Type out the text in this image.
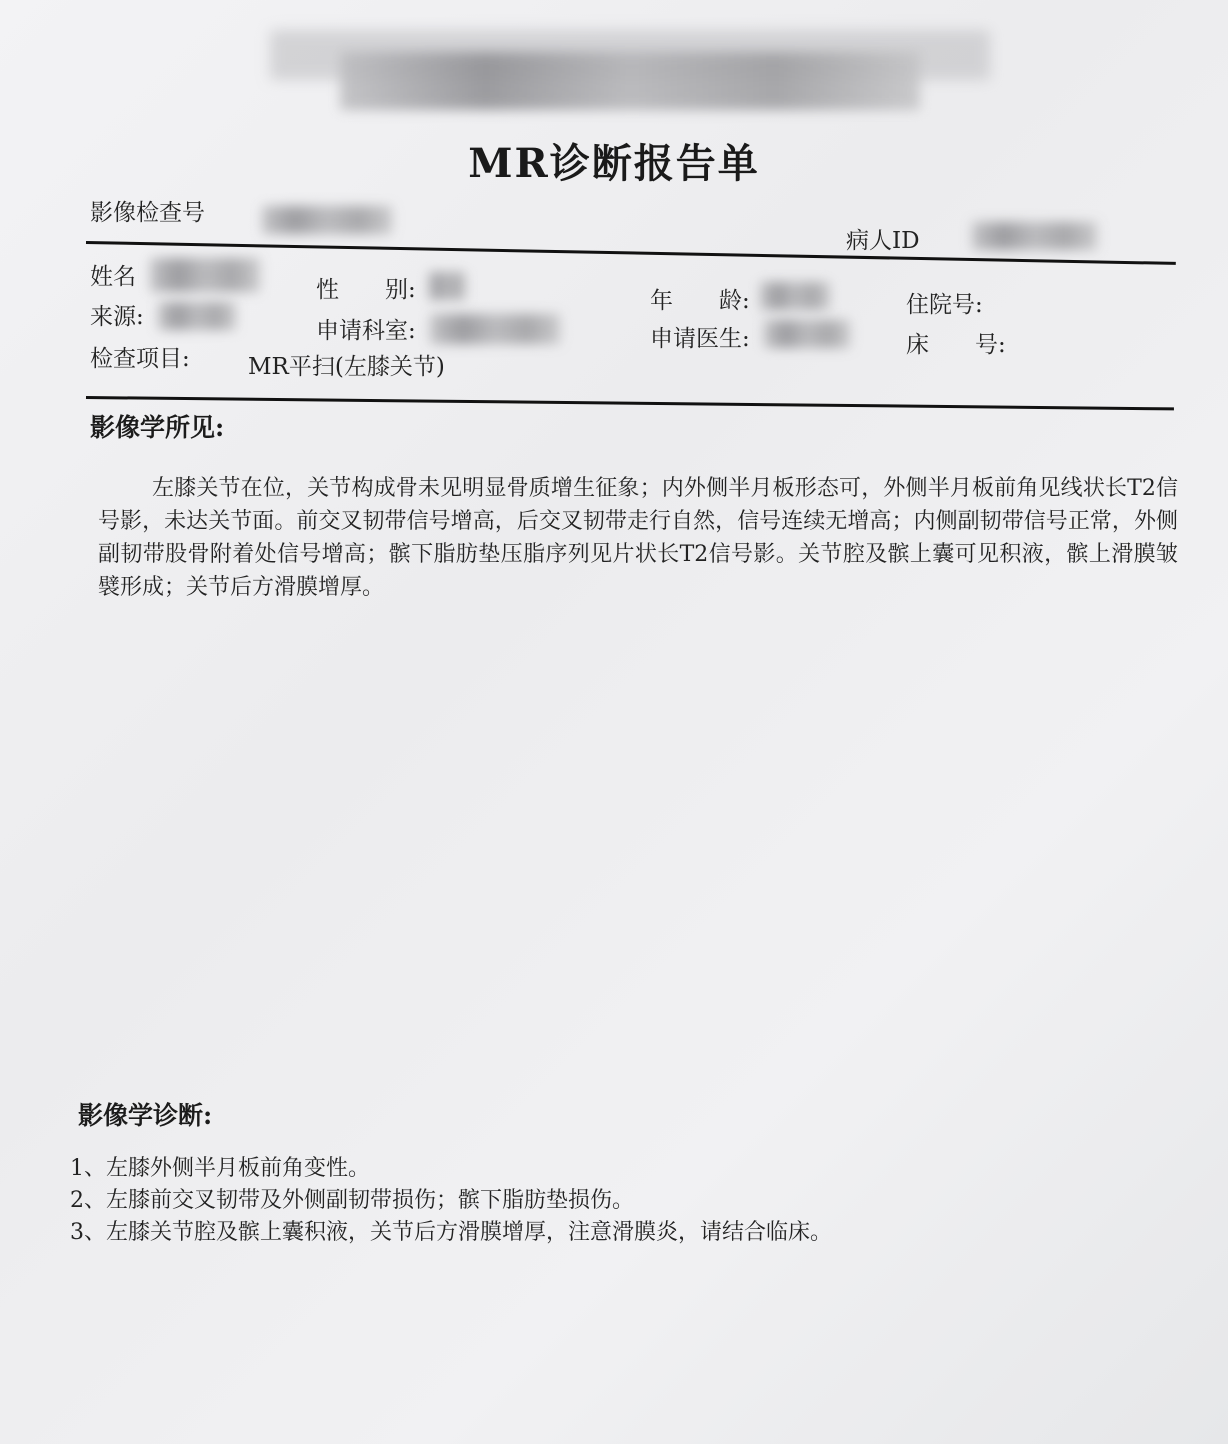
MR诊断报告单
影像检查号
病人ID
姓名	性　　别:	年　　龄:	住院号:
来源:
申请科室:	申请医生:	床　　号:
检查项目:	MR平扫(左膝关节)
影像学所见:
左膝关节在位，关节构成骨未见明显骨质增生征象；内外侧半月板形态可，外侧半月板前角见线状长T2信号影，未达关节面。前交叉韧带信号增高，后交叉韧带走行自然，信号连续无增高；内侧副韧带信号正常，外侧副韧带股骨附着处信号增高；髌下脂肪垫压脂序列见片状长T2信号影。关节腔及髌上囊可见积液，髌上滑膜皱襞形成；关节后方滑膜增厚。
影像学诊断:
1、左膝外侧半月板前角变性。
2、左膝前交叉韧带及外侧副韧带损伤；髌下脂肪垫损伤。
3、左膝关节腔及髌上囊积液，关节后方滑膜增厚，注意滑膜炎，请结合临床。
